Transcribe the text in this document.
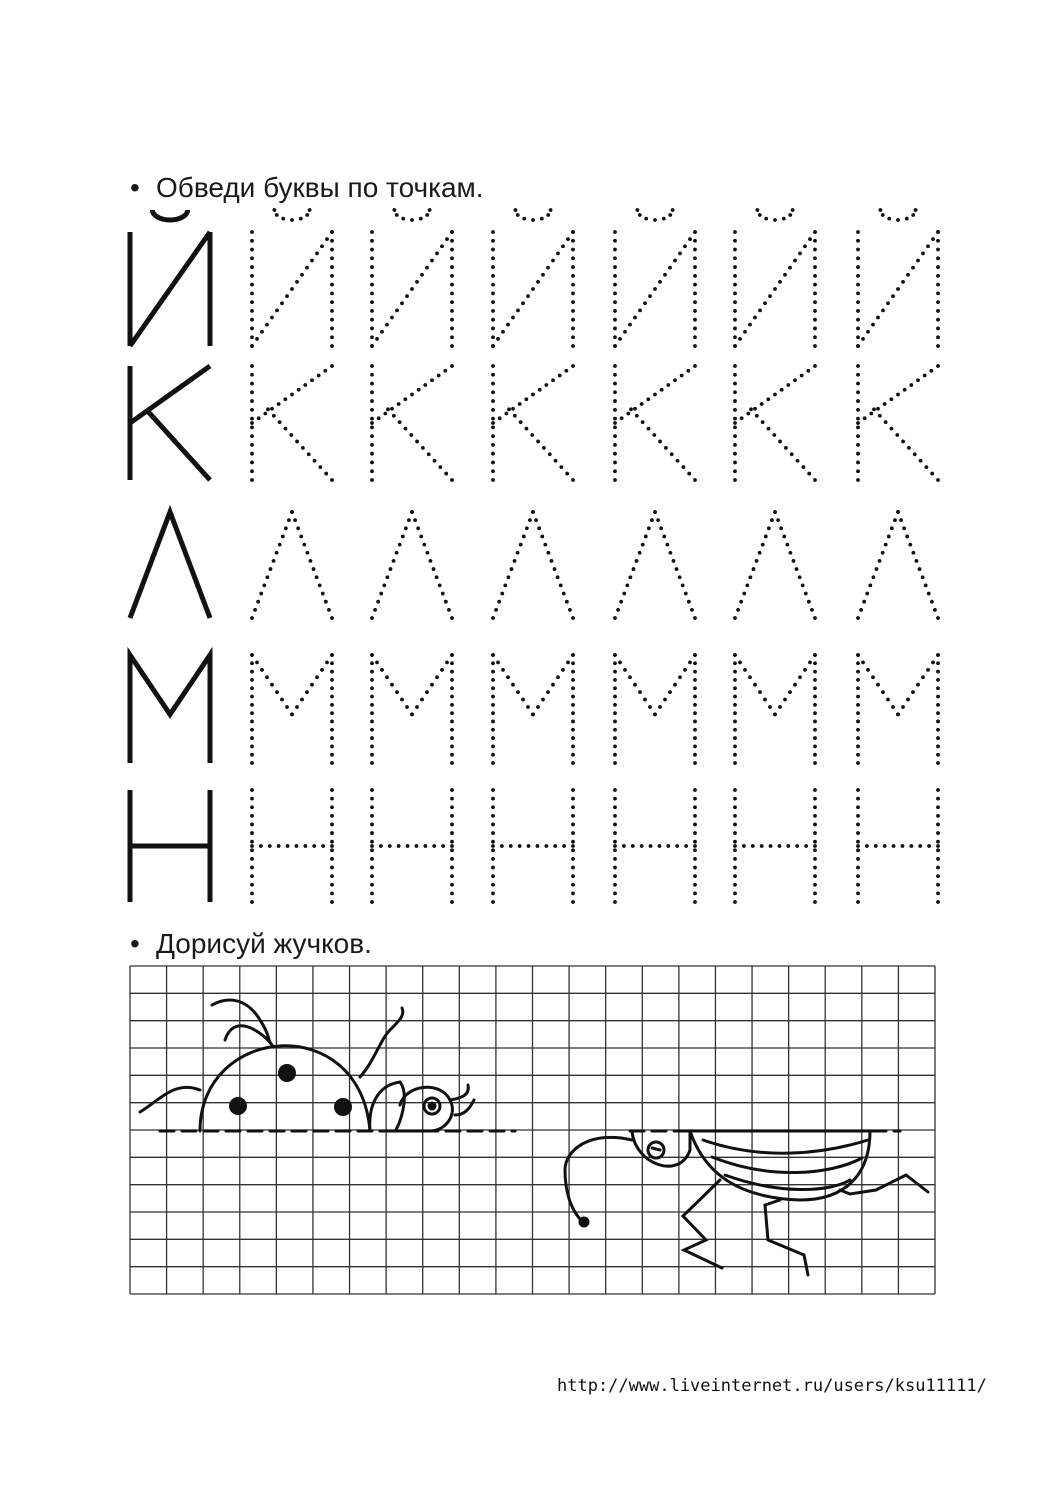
• Обведи буквы по точкам.
• Дорисуй жучков.
http://www.liveinternet.ru/users/ksu11111/
